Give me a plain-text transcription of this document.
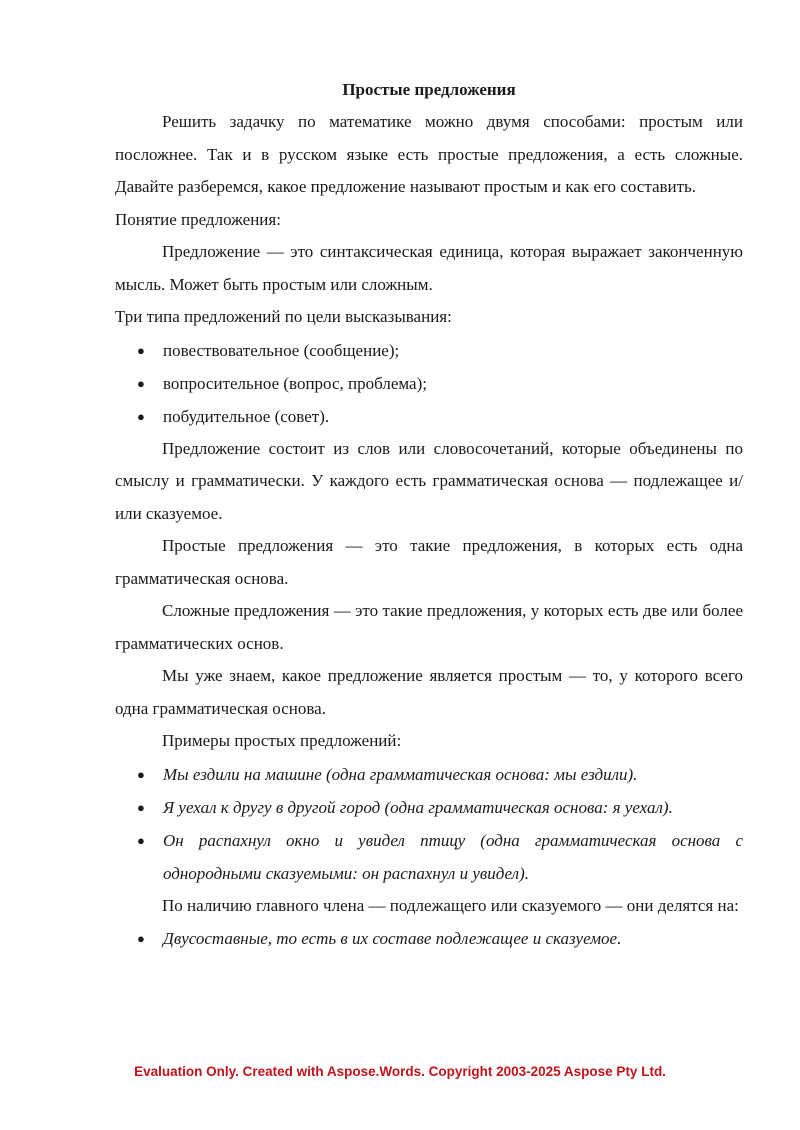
Простые предложения

Решить задачку по математике можно двумя способами: простым или посложнее. Так и в русском языке есть простые предложения, а есть сложные. Давайте разберемся, какое предложение называют простым и как его составить.

Понятие предложения:

Предложение — это синтаксическая единица, которая выражает законченную мысль. Может быть простым или сложным.

Три типа предложений по цели высказывания:

● повествовательное (сообщение);
● вопросительное (вопрос, проблема);
● побудительное (совет).

Предложение состоит из слов или словосочетаний, которые объединены по смыслу и грамматически. У каждого есть грамматическая основа — подлежащее и/или сказуемое.

Простые предложения — это такие предложения, в которых есть одна грамматическая основа.

Сложные предложения — это такие предложения, у которых есть две или более грамматических основ.

Мы уже знаем, какое предложение является простым — то, у которого всего одна грамматическая основа.

Примеры простых предложений:

● Мы ездили на машине (одна грамматическая основа: мы ездили).
● Я уехал к другу в другой город (одна грамматическая основа: я уехал).
● Он распахнул окно и увидел птицу (одна грамматическая основа с однородными сказуемыми: он распахнул и увидел).

По наличию главного члена — подлежащего или сказуемого — они делятся на:

● Двусоставные, то есть в их составе подлежащее и сказуемое.
Evaluation Only. Created with Aspose.Words. Copyright 2003-2025 Aspose Pty Ltd.
